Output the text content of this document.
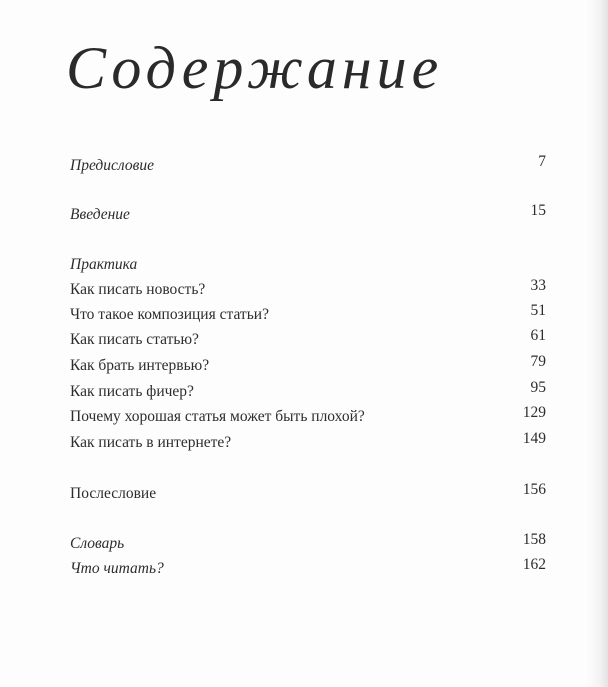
Содержание
Предисловие	7
Введение	15
Практика
Как писать новость?	33
Что такое композиция статьи?	51
Как писать статью?	61
Как брать интервью?	79
Как писать фичер?	95
Почему хорошая статья может быть плохой?	129
Как писать в интернете?	149
Послесловие	156
Словарь	158
Что читать?	162
